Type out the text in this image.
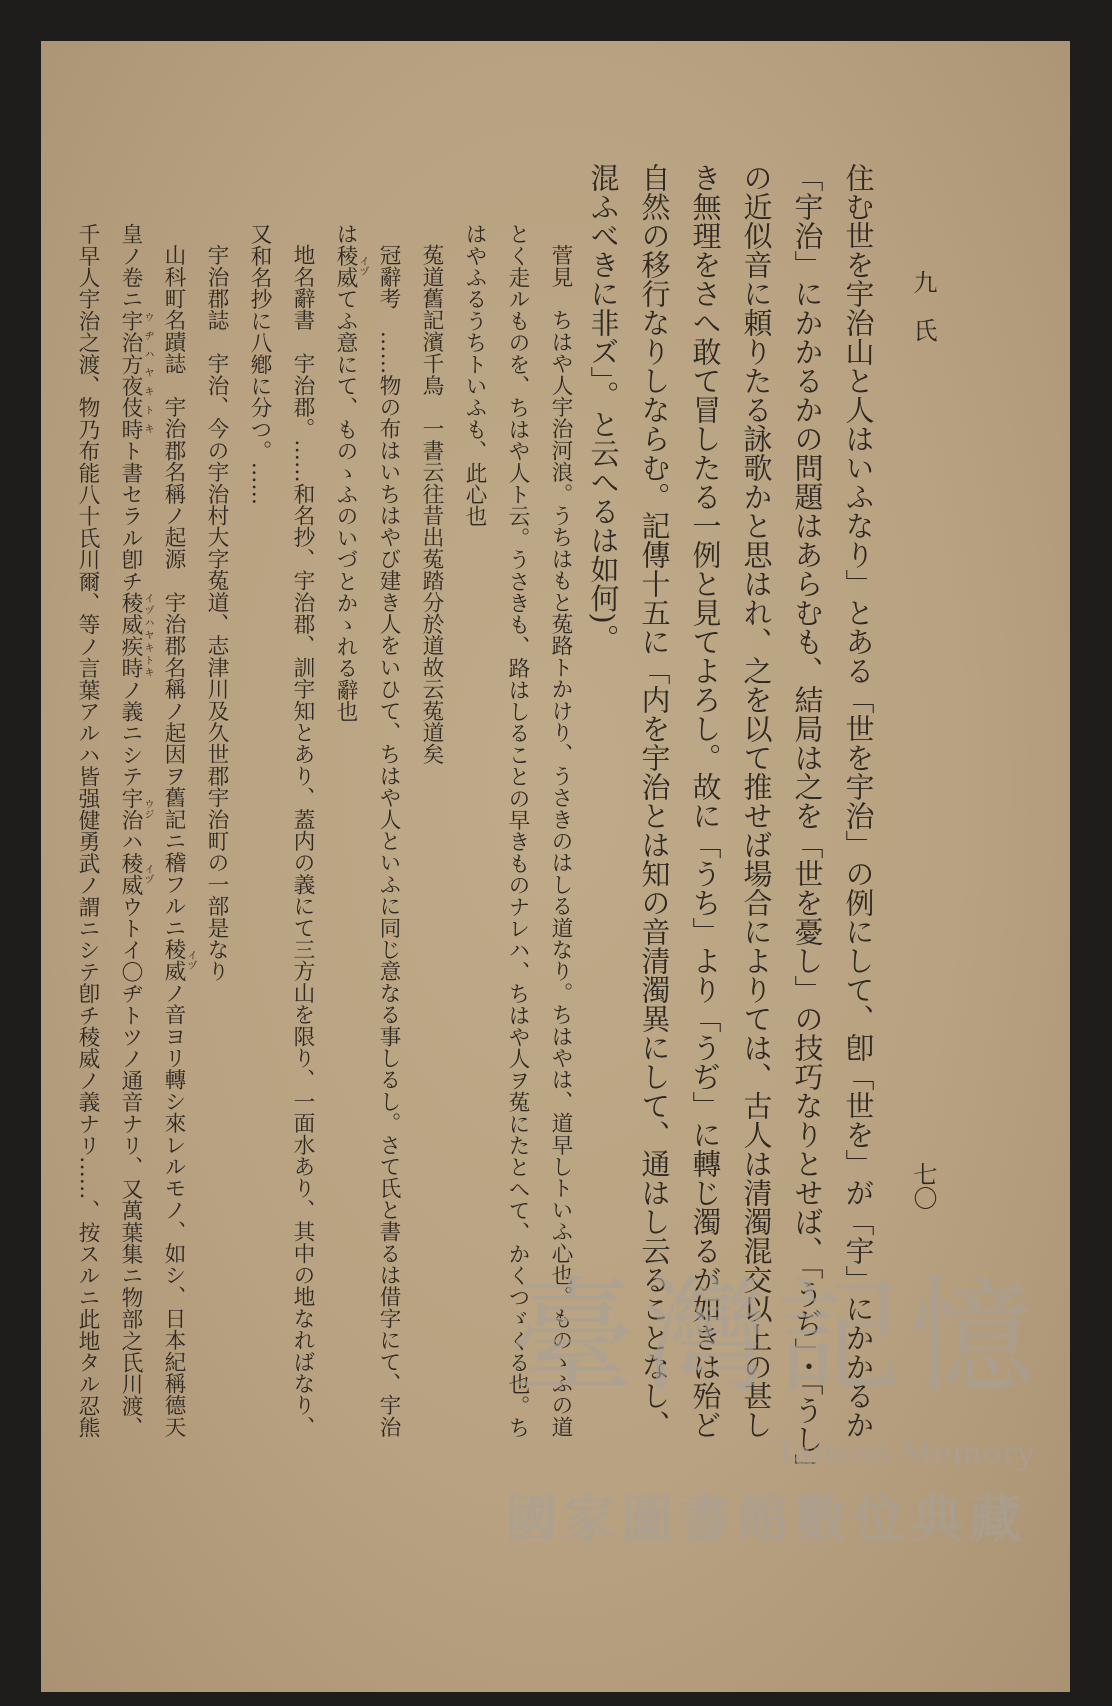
九　氏
七〇
住む世を宇治山と人はいふなり」とある「世を宇治」の例にして、卽「世を」が「宇」にかかるか
「宇治」にかかるかの問題はあらむも、結局は之を「世を憂し」の技巧なりとせば、「うぢ」・「うし」
の近似音に頼りたる詠歌かと思はれ、之を以て推せば場合によりては、古人は清濁混交以上の甚し
き無理をさへ敢て冒したる一例と見てよろし。故に「うち」より「うぢ」に轉じ濁るが如きは殆ど
自然の移行なりしならむ。記傳十五に「内を宇治とは知の音清濁異にして、通はし云ることなし、
混ふべきに非ズ」。と云へるは如何)。
菅見　ちはや人宇治河浪。うちはもと菟路トかけり、うさきのはしる道なり。ちはやは、道早しトいふ心也。ものゝふの道
とく走ルものを、ちはや人ト云。うさきも、路はしることの早きものナレハ、ちはや人ヲ菟にたとへて、かくつゞくる也。ち
はやふるうちトいふも、此心也
菟道舊記濱千鳥　一書云往昔出菟踏分於道故云菟道矣
冠辭考　……物の布はいちはやび建き人をいひて、ちはや人といふに同じ意なる事しるし。さて氏と書るは借字にて、宇治
は稜威てふ意にて、ものゝふのいづとかゝれる辭也
地名辭書　宇治郡。……和名抄、宇治郡、訓宇知とあり、蓋内の義にて三方山を限り、一面水あり、其中の地なればなり、
又和名抄に八鄕に分つ。……
宇治郡誌　宇治、今の宇治村大字菟道、志津川及久世郡宇治町の一部是なり
山科町名蹟誌　宇治郡名稱ノ起源　宇治郡名稱ノ起因ヲ舊記ニ稽フルニ稜威ノ音ヨリ轉シ來レルモノ、如シ、日本紀稱德天
皇ノ卷ニ宇治方夜伎時ト書セラル卽チ稜威疾時ノ義ニシテ宇治ハ稜威ウトイ〇ヂトツノ通音ナリ、又萬葉集ニ物部之氏川渡、
千早人宇治之渡、物乃布能八十氏川爾、等ノ言葉アルハ皆强健勇武ノ謂ニシテ卽チ稜威ノ義ナリ……、按スルニ此地タル忍熊	イヅ
イヅ
ウヂハヤキトキ
イヅハヤキトキ
ウジ
イヅ
臺灣記憶
Taiwan Memory
國家圖書館數位典藏
